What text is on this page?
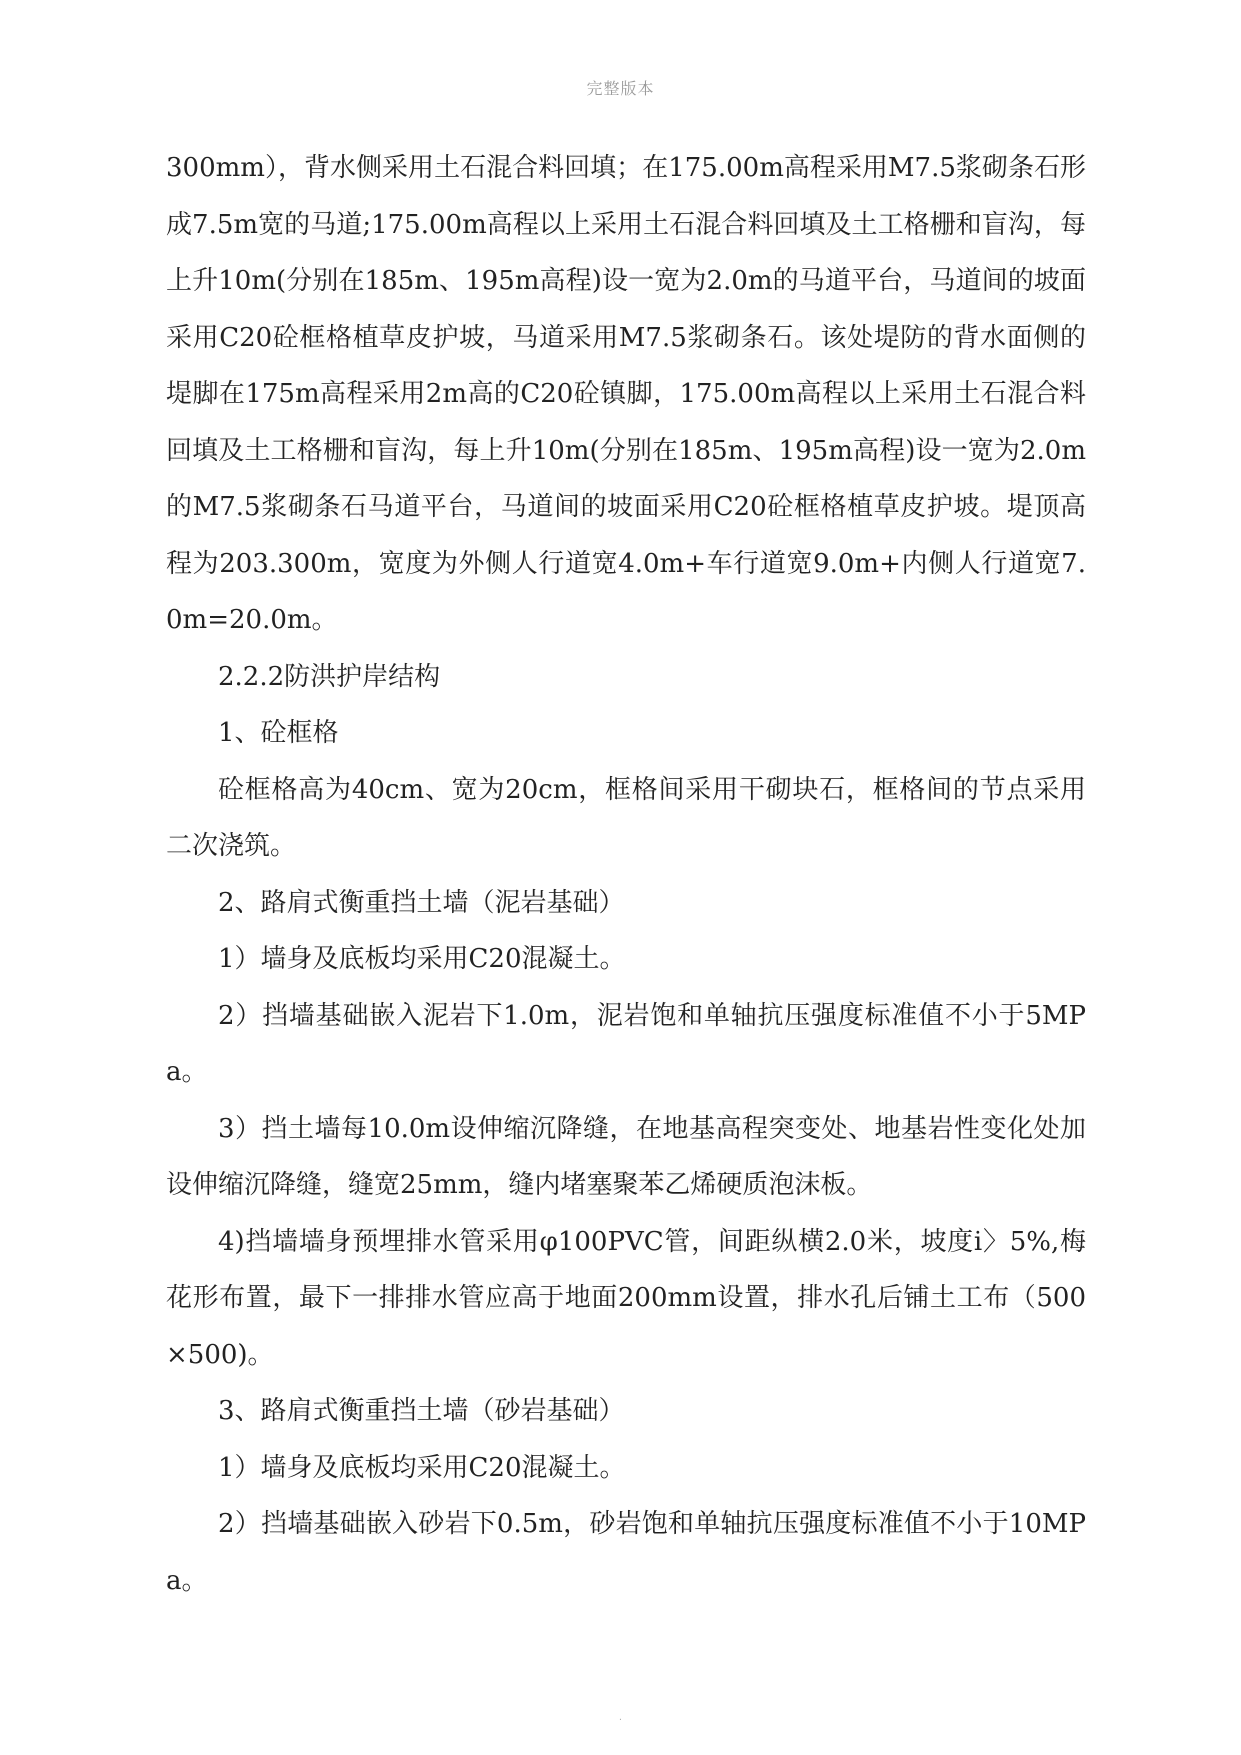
完整版本

300mm），背水侧采用土石混合料回填；在175.00m高程采用M7.5浆砌条石形成7.5m宽的马道;175.00m高程以上采用土石混合料回填及土工格栅和盲沟，每上升10m(分别在185m、195m高程)设一宽为2.0m的马道平台，马道间的坡面采用C20砼框格植草皮护坡，马道采用M7.5浆砌条石。该处堤防的背水面侧的堤脚在175m高程采用2m高的C20砼镇脚，175.00m高程以上采用土石混合料回填及土工格栅和盲沟，每上升10m(分别在185m、195m高程)设一宽为2.0m的M7.5浆砌条石马道平台，马道间的坡面采用C20砼框格植草皮护坡。堤顶高程为203.300m，宽度为外侧人行道宽4.0m+车行道宽9.0m+内侧人行道宽7.0m=20.0m。

2.2.2防洪护岸结构

1、砼框格

砼框格高为40cm、宽为20cm，框格间采用干砌块石，框格间的节点采用二次浇筑。

2、路肩式衡重挡土墙（泥岩基础）

1）墙身及底板均采用C20混凝土。

2）挡墙基础嵌入泥岩下1.0m，泥岩饱和单轴抗压强度标准值不小于5MPa。

3）挡土墙每10.0m设伸缩沉降缝，在地基高程突变处、地基岩性变化处加设伸缩沉降缝，缝宽25mm，缝内堵塞聚苯乙烯硬质泡沫板。

4)挡墙墙身预埋排水管采用φ100PVC管，间距纵横2.0米，坡度i〉5%,梅花形布置，最下一排排水管应高于地面200mm设置，排水孔后铺土工布（500×500)。

3、路肩式衡重挡土墙（砂岩基础）

1）墙身及底板均采用C20混凝土。

2）挡墙基础嵌入砂岩下0.5m，砂岩饱和单轴抗压强度标准值不小于10MPa。

.
